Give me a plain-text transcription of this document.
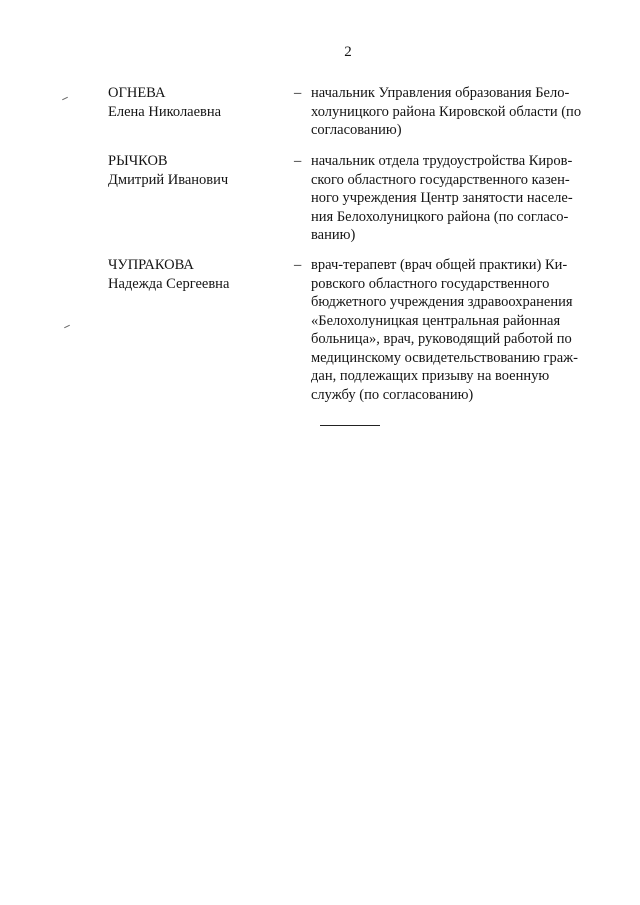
2
ОГНЕВА
Елена Николаевна
– начальник Управления образования Бело-
холуницкого района Кировской области (по
согласованию)
РЫЧКОВ
Дмитрий Иванович
– начальник отдела трудоустройства Киров-
ского областного государственного казен-
ного учреждения Центр занятости населе-
ния Белохолуницкого района (по согласо-
ванию)
ЧУПРАКОВА
Надежда Сергеевна
– врач-терапевт (врач общей практики) Ки-
ровского областного государственного
бюджетного учреждения здравоохранения
«Белохолуницкая центральная районная
больница», врач, руководящий работой по
медицинскому освидетельствованию граж-
дан, подлежащих призыву на военную
службу (по согласованию)
